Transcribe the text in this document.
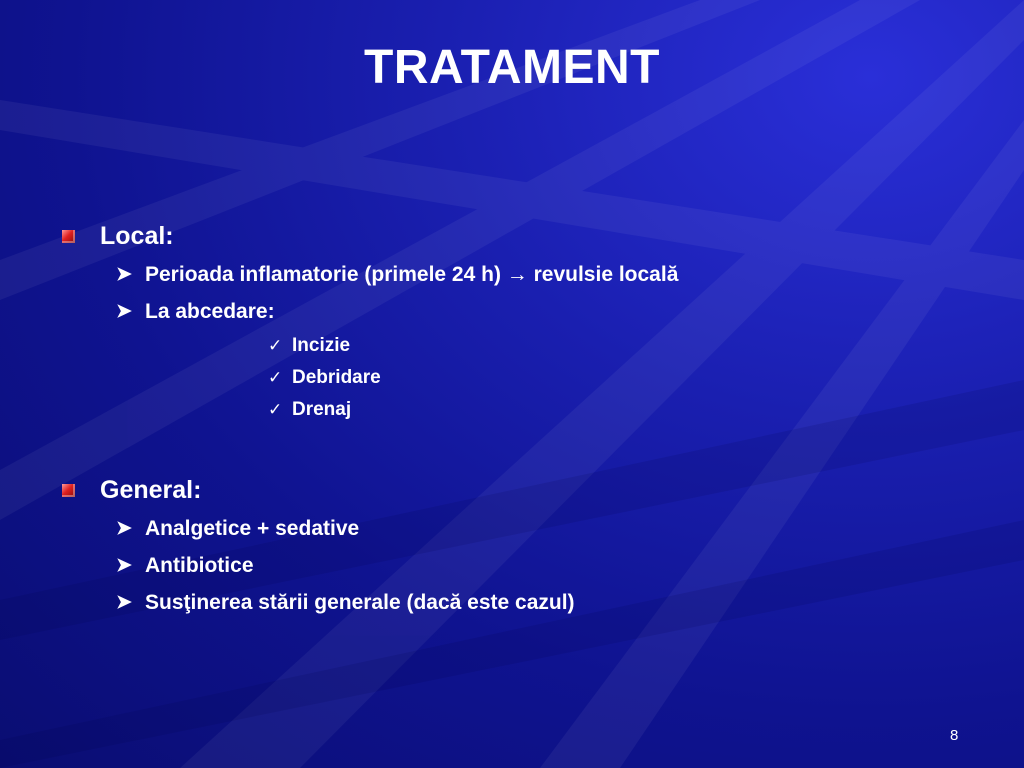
TRATAMENT
Local:
➤ Perioada inflamatorie (primele 24 h) → revulsie locală
➤ La abcedare:
✓ Incizie
✓ Debridare
✓ Drenaj
General:
➤ Analgetice + sedative
➤ Antibiotice
➤ Susţinerea stării generale (dacă este cazul)
8
